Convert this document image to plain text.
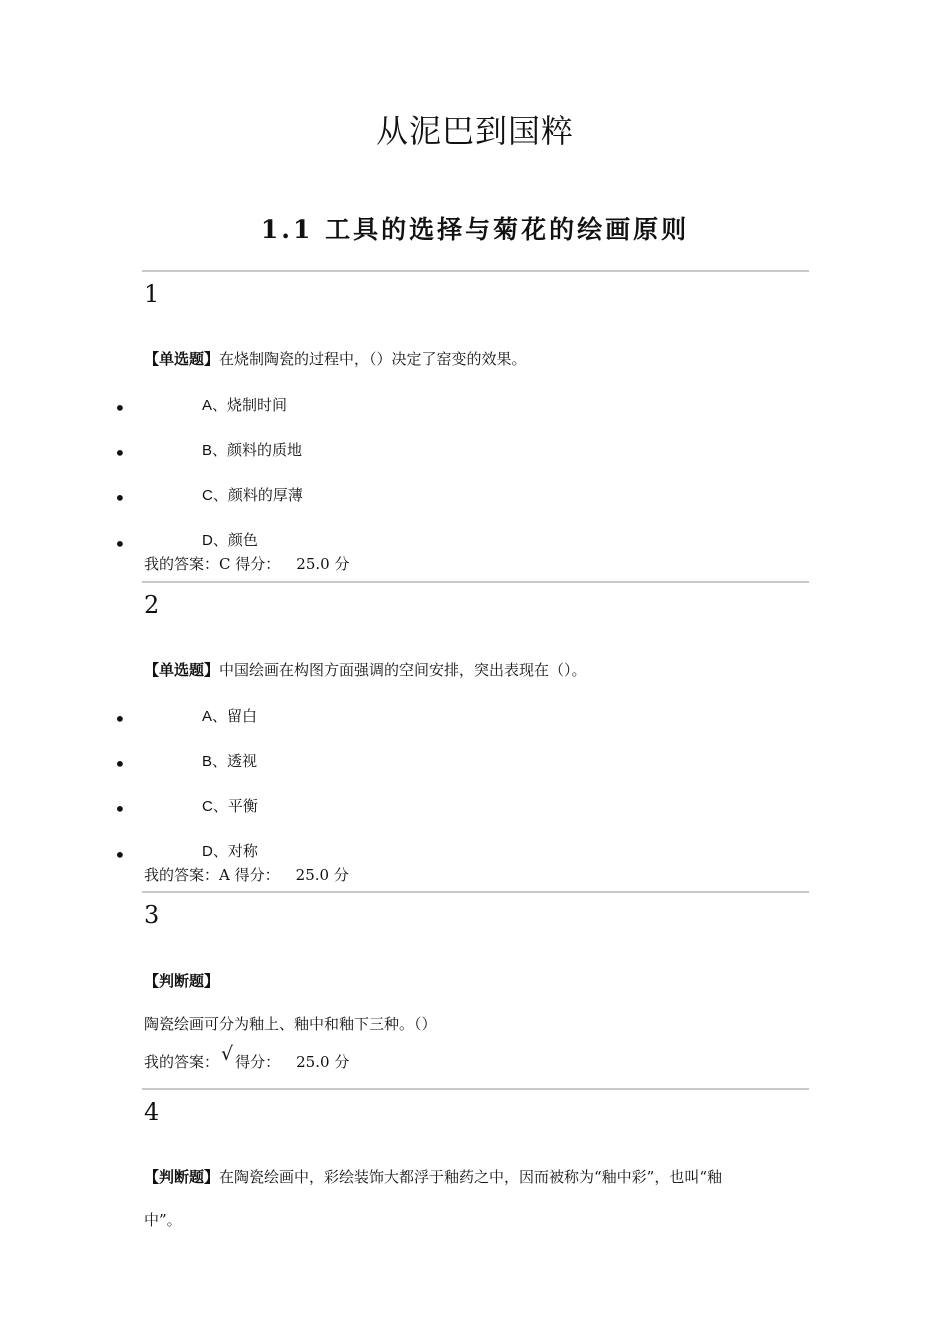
从泥巴到国粹
1.1 工具的选择与菊花的绘画原则
1
【单选题】在烧制陶瓷的过程中，（）决定了窑变的效果。
•	A、烧制时间
•	B、颜料的质地
•	C、颜料的厚薄
•	D、颜色
我的答案：C 得分： 25.0 分
2
【单选题】中国绘画在构图方面强调的空间安排，突出表现在（）。
•	A、留白
•	B、透视
•	C、平衡
•	D、对称
我的答案：A 得分： 25.0 分
3
【判断题】
陶瓷绘画可分为釉上、釉中和釉下三种。（）
我的答案： √ 得分： 25.0 分
4
【判断题】在陶瓷绘画中，彩绘装饰大都浮于釉药之中，因而被称为“釉中彩”，也叫“釉
中”。
